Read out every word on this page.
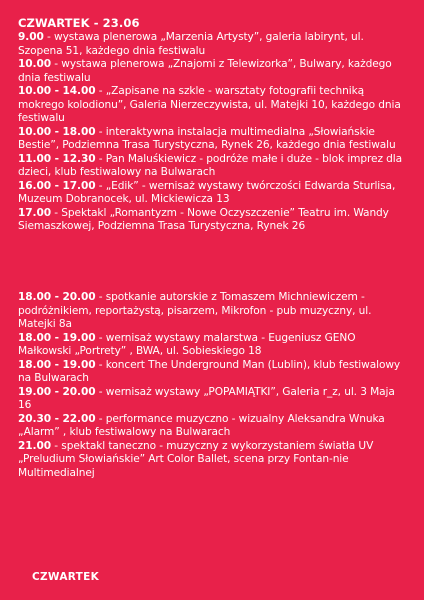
CZWARTEK - 23.06

9.00 - wystawa plenerowa „Marzenia Artysty”, galeria labirynt, ul. Szopena 51, każdego dnia festiwalu

10.00 - wystawa plenerowa „Znajomi z Telewizorka”, Bulwary, każdego dnia festiwalu

10.00 - 14.00 - „Zapisane na szkle - warsztaty fotografii techniką mokrego kolodionu”, Galeria Nierzeczywista, ul. Matejki 10, każdego dnia festiwalu

10.00 - 18.00 - interaktywna instalacja multimedialna „Słowiańskie Bestie”, Podziemna Trasa Turystyczna, Rynek 26, każdego dnia festiwalu

11.00 - 12.30 - Pan Maluśkiewicz - podróże małe i duże - blok imprez dla dzieci, klub festiwalowy na Bulwarach

16.00 - 17.00 - „Edik” - wernisaż wystawy twórczości Edwarda Sturlisa, Muzeum Dobranocek, ul. Mickiewicza 13

17.00 - Spektakl „Romantyzm - Nowe Oczyszczenie” Teatru im. Wandy Siemaszkowej, Podziemna Trasa Turystyczna, Rynek 26

18.00 - 20.00 - spotkanie autorskie z Tomaszem Michniewiczem - podróżnikiem, reportażystą, pisarzem, Mikrofon - pub muzyczny, ul. Matejki 8a

18.00 - 19.00 - wernisaż wystawy malarstwa - Eugeniusz GENO Małkowski „Portrety” , BWA, ul. Sobieskiego 18

18.00 - 19.00 - koncert The Underground Man (Lublin), klub festiwalowy na Bulwarach

19.00 - 20.00 - wernisaż wystawy „POPAMIĄTKI”, Galeria r_z, ul. 3 Maja 16

20.30 - 22.00 - performance muzyczno - wizualny Aleksandra Wnuka „Alarm” , klub festiwalowy na Bulwarach

21.00 - spektakl taneczno - muzyczny z wykorzystaniem światła UV „Preludium Słowiańskie” Art Color Ballet, scena przy Fontan-nie Multimedialnej

CZWARTEK
